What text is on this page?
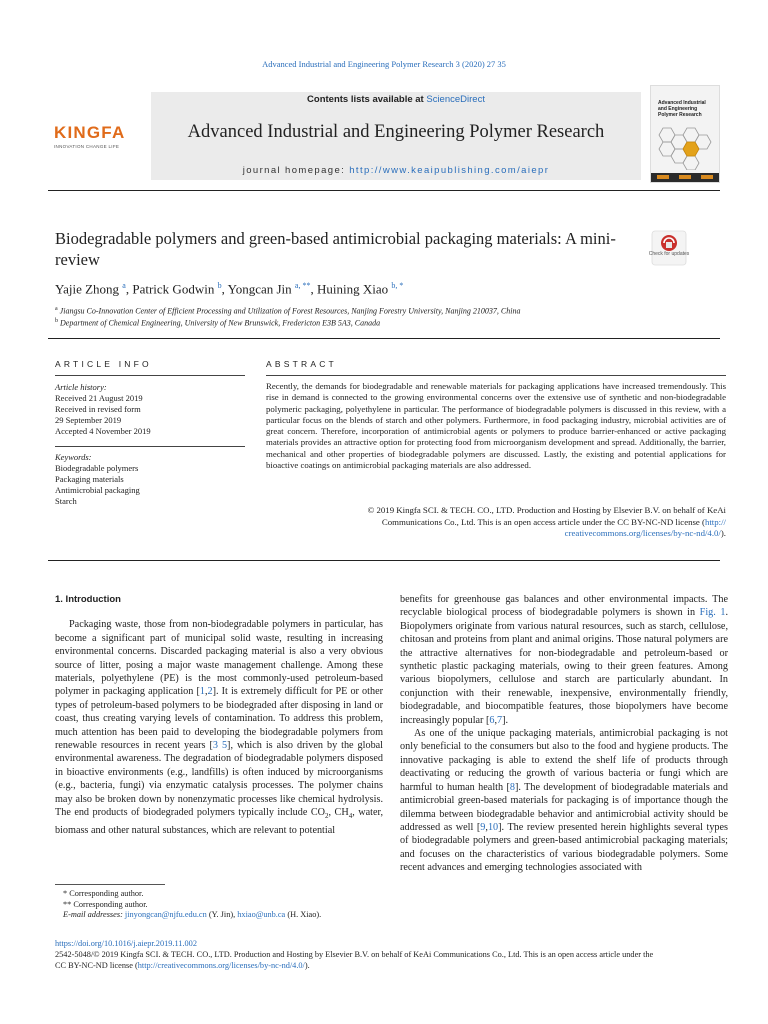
Advanced Industrial and Engineering Polymer Research 3 (2020) 27 35
KINGFA
INNOVATION CHANGE LIFE
Contents lists available at ScienceDirect
Advanced Industrial and Engineering Polymer Research
journal homepage: http://www.keaipublishing.com/aiepr
Advanced Industrial and Engineering Polymer Research
Biodegradable polymers and green-based antimicrobial packaging materials: A mini-review	Check for updates
Yajie Zhong $^a$, Patrick Godwin $^b$, Yongcan Jin $^{a, **}$, Huining Xiao $^{b, *}$
$^a$ Jiangsu Co-Innovation Center of Efficient Processing and Utilization of Forest Resources, Nanjing Forestry University, Nanjing 210037, China
$^b$ Department of Chemical Engineering, University of New Brunswick, Fredericton E3B 5A3, Canada
ARTICLE INFO	ABSTRACT
Article history:
Received 21 August 2019
Received in revised form
29 September 2019
Accepted 4 November 2019
Keywords:
Biodegradable polymers
Packaging materials
Antimicrobial packaging
Starch
Recently, the demands for biodegradable and renewable materials for packaging applications have increased tremendously. This rise in demand is connected to the growing environmental concerns over the extensive use of synthetic and non-biodegradable polymeric packaging, polyethylene in particular. The performance of biodegradable polymers is discussed in this review, with a particular focus on the blends of starch and other polymers. Furthermore, in food packaging industry, microbial activities are of great concern. Therefore, incorporation of antimicrobial agents or polymers to produce barrier-enhanced or active packaging materials provides an attractive option for protecting food from microorganism development and spread. Additionally, the barrier, mechanical and other properties of biodegradable polymers are discussed. Lastly, the existing and potential applications for bioactive coatings on antimicrobial packaging materials are also addressed.
© 2019 Kingfa SCI. & TECH. CO., LTD. Production and Hosting by Elsevier B.V. on behalf of KeAi
Communications Co., Ltd. This is an open access article under the CC BY-NC-ND license (http://
creativecommons.org/licenses/by-nc-nd/4.0/).
1. Introduction

Packaging waste, those from non-biodegradable polymers in particular, has become a significant part of municipal solid waste, resulting in increasing environmental concerns. Discarded packaging material is also a very obvious source of litter, posing a major waste management challenge. Among these materials, polyethylene (PE) is the most commonly-used petroleum-based polymer in packaging application [1,2]. It is extremely difficult for PE or other types of petroleum-based polymers to be biodegraded after disposing in land or coast, thus creating varying levels of contamination. To address this problem, much attention has been paid to developing the biodegradable polymers from renewable resources in recent years [3 5], which is also driven by the global environmental awareness. The degradation of biodegradable polymers disposed in bioactive environments (e.g., landfills) is often induced by microorganisms (e.g., bacteria, fungi) via enzymatic catalysis processes. The polymer chains may also be broken down by nonenzymatic processes like chemical hydrolysis. The end products of biodegraded polymers typically include $CO_2$, $CH_4$, water, biomass and other natural substances, which are relevant to potential

benefits for greenhouse gas balances and other environmental impacts. The recyclable biological process of biodegradable polymers is shown in Fig. 1. Biopolymers originate from various natural resources, such as starch, cellulose, chitosan and proteins from plant and animal origins. Those natural polymers are the attractive alternatives for non-biodegradable and petroleum-based or synthetic plastic packaging materials, owing to their green features. Among various biopolymers, cellulose and starch are particularly abundant. In conjunction with their renewable, inexpensive, environmentally friendly, biodegradable, and biocompatible features, those biopolymers have become increasingly popular [6,7].

As one of the unique packaging materials, antimicrobial packaging is not only beneficial to the consumers but also to the food and hygiene products. The innovative packaging is able to extend the shelf life of products through deactivating or reducing the growth of various bacteria or fungi which are harmful to human health [8]. The development of biodegradable materials and antimicrobial green-based materials for packaging is of importance though the dilemma between biodegradable behavior and antimicrobial activity should be addressed as well [9,10]. The review presented herein highlights several types of biodegradable polymers and green-based antimicrobial packaging materials; and focuses on the characteristics of various biodegradable polymers. Some recent advances and emerging technologies associated with

* Corresponding author.
** Corresponding author.
E-mail addresses: jinyongcan@njfu.edu.cn (Y. Jin), hxiao@unb.ca (H. Xiao).
https://doi.org/10.1016/j.aiepr.2019.11.002
2542-5048/© 2019 Kingfa SCI. & TECH. CO., LTD. Production and Hosting by Elsevier B.V. on behalf of KeAi Communications Co., Ltd. This is an open access article under the
CC BY-NC-ND license (http://creativecommons.org/licenses/by-nc-nd/4.0/).
